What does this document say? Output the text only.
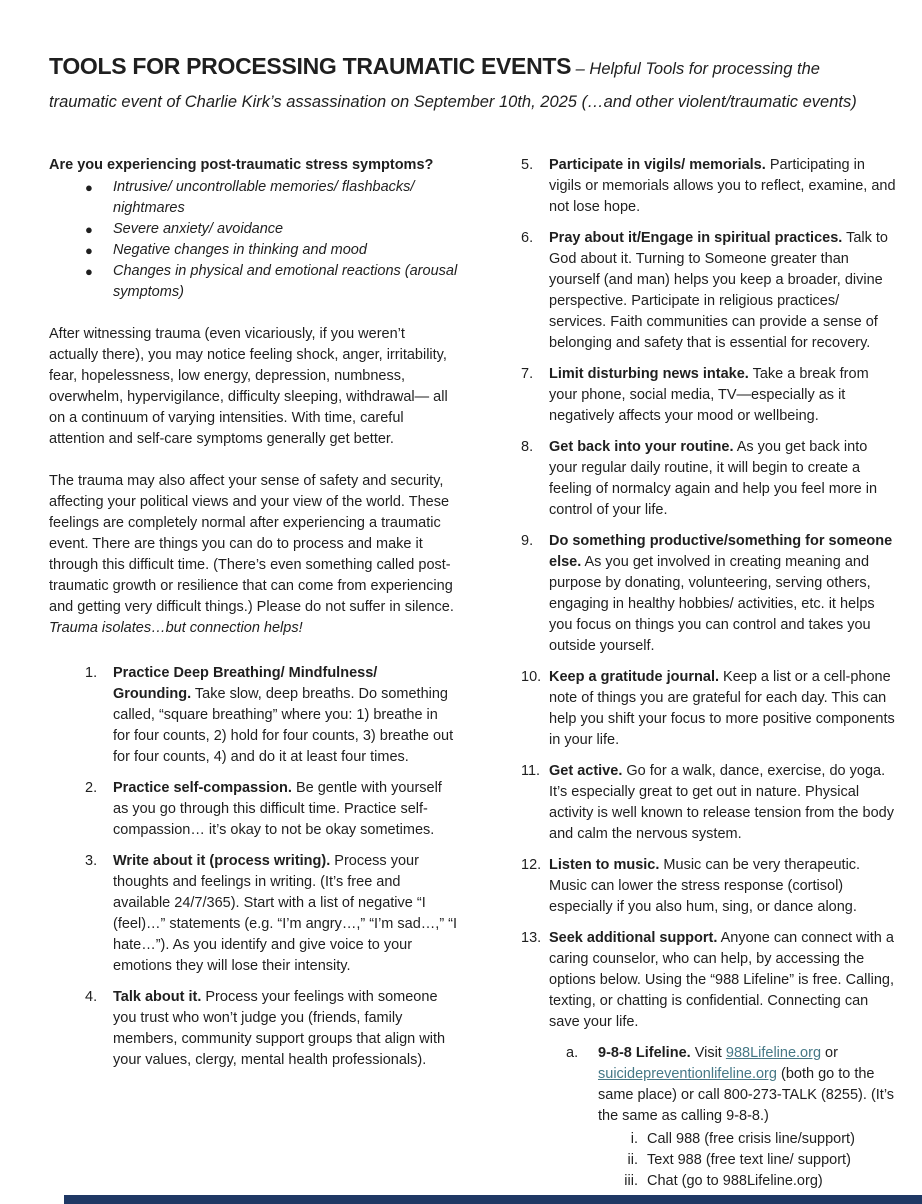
TOOLS FOR PROCESSING TRAUMATIC EVENTS – Helpful Tools for processing the
traumatic event of Charlie Kirk’s assassination on September 10th, 2025 (…and other violent/traumatic events)

Are you experiencing post-traumatic stress symptoms?

●	Intrusive/ uncontrollable memories/ flashbacks/ nightmares
●	Severe anxiety/ avoidance
●	Negative changes in thinking and mood
●	Changes in physical and emotional reactions (arousal symptoms)

After witnessing trauma (even vicariously, if you weren’t actually there), you may notice feeling shock, anger, irritability, fear, hopelessness, low energy, depression, numbness, overwhelm, hypervigilance, difficulty sleeping, withdrawal— all on a continuum of varying intensities. With time, careful attention and self-care symptoms generally get better.

The trauma may also affect your sense of safety and security, affecting your political views and your view of the world. These feelings are completely normal after experiencing a traumatic event. There are things you can do to process and make it through this difficult time. (There’s even something called post-traumatic growth or resilience that can come from experiencing and getting very difficult things.) Please do not suffer in silence. Trauma isolates…but connection helps!

1.	Practice Deep Breathing/ Mindfulness/ Grounding. Take slow, deep breaths. Do something called, “square breathing” where you: 1) breathe in for four counts, 2) hold for four counts, 3) breathe out for four counts, 4) and do it at least four times.
2.	Practice self-compassion. Be gentle with yourself as you go through this difficult time. Practice self-compassion… it’s okay to not be okay sometimes.
3.	Write about it (process writing). Process your thoughts and feelings in writing. (It’s free and available 24/7/365). Start with a list of negative “I (feel)…” statements (e.g. “I’m angry…,” “I’m sad…,” “I hate…”). As you identify and give voice to your emotions they will lose their intensity.
4.	Talk about it. Process your feelings with someone you trust who won’t judge you (friends, family members, community support groups that align with your values, clergy, mental health professionals).
5.	Participate in vigils/ memorials. Participating in vigils or memorials allows you to reflect, examine, and not lose hope.
6.	Pray about it/Engage in spiritual practices. Talk to God about it. Turning to Someone greater than yourself (and man) helps you keep a broader, divine perspective. Participate in religious practices/ services. Faith communities can provide a sense of belonging and safety that is essential for recovery.
7.	Limit disturbing news intake. Take a break from your phone, social media, TV—especially as it negatively affects your mood or wellbeing.
8.	Get back into your routine. As you get back into your regular daily routine, it will begin to create a feeling of normalcy again and help you feel more in control of your life.
9.	Do something productive/something for someone else. As you get involved in creating meaning and purpose by donating, volunteering, serving others, engaging in healthy hobbies/ activities, etc. it helps you focus on things you can control and takes you outside yourself.
10. Keep a gratitude journal. Keep a list or a cell-phone note of things you are grateful for each day. This can help you shift your focus to more positive components in your life.
11. Get active. Go for a walk, dance, exercise, do yoga. It’s especially great to get out in nature. Physical activity is well known to release tension from the body and calm the nervous system.
12. Listen to music. Music can be very therapeutic. Music can lower the stress response (cortisol) especially if you also hum, sing, or dance along.
13. Seek additional support. Anyone can connect with a caring counselor, who can help, by accessing the options below. Using the “988 Lifeline” is free. Calling, texting, or chatting is confidential. Connecting can save your life.
a.	9-8-8 Lifeline. Visit 988Lifeline.org or suicidepreventionlifeline.org (both go to the same place) or call 800-273-TALK (8255). (It’s the same as calling 9-8-8.)
i. Call 988 (free crisis line/support)
ii. Text 988 (free text line/ support)
iii. Chat (go to 988Lifeline.org)
